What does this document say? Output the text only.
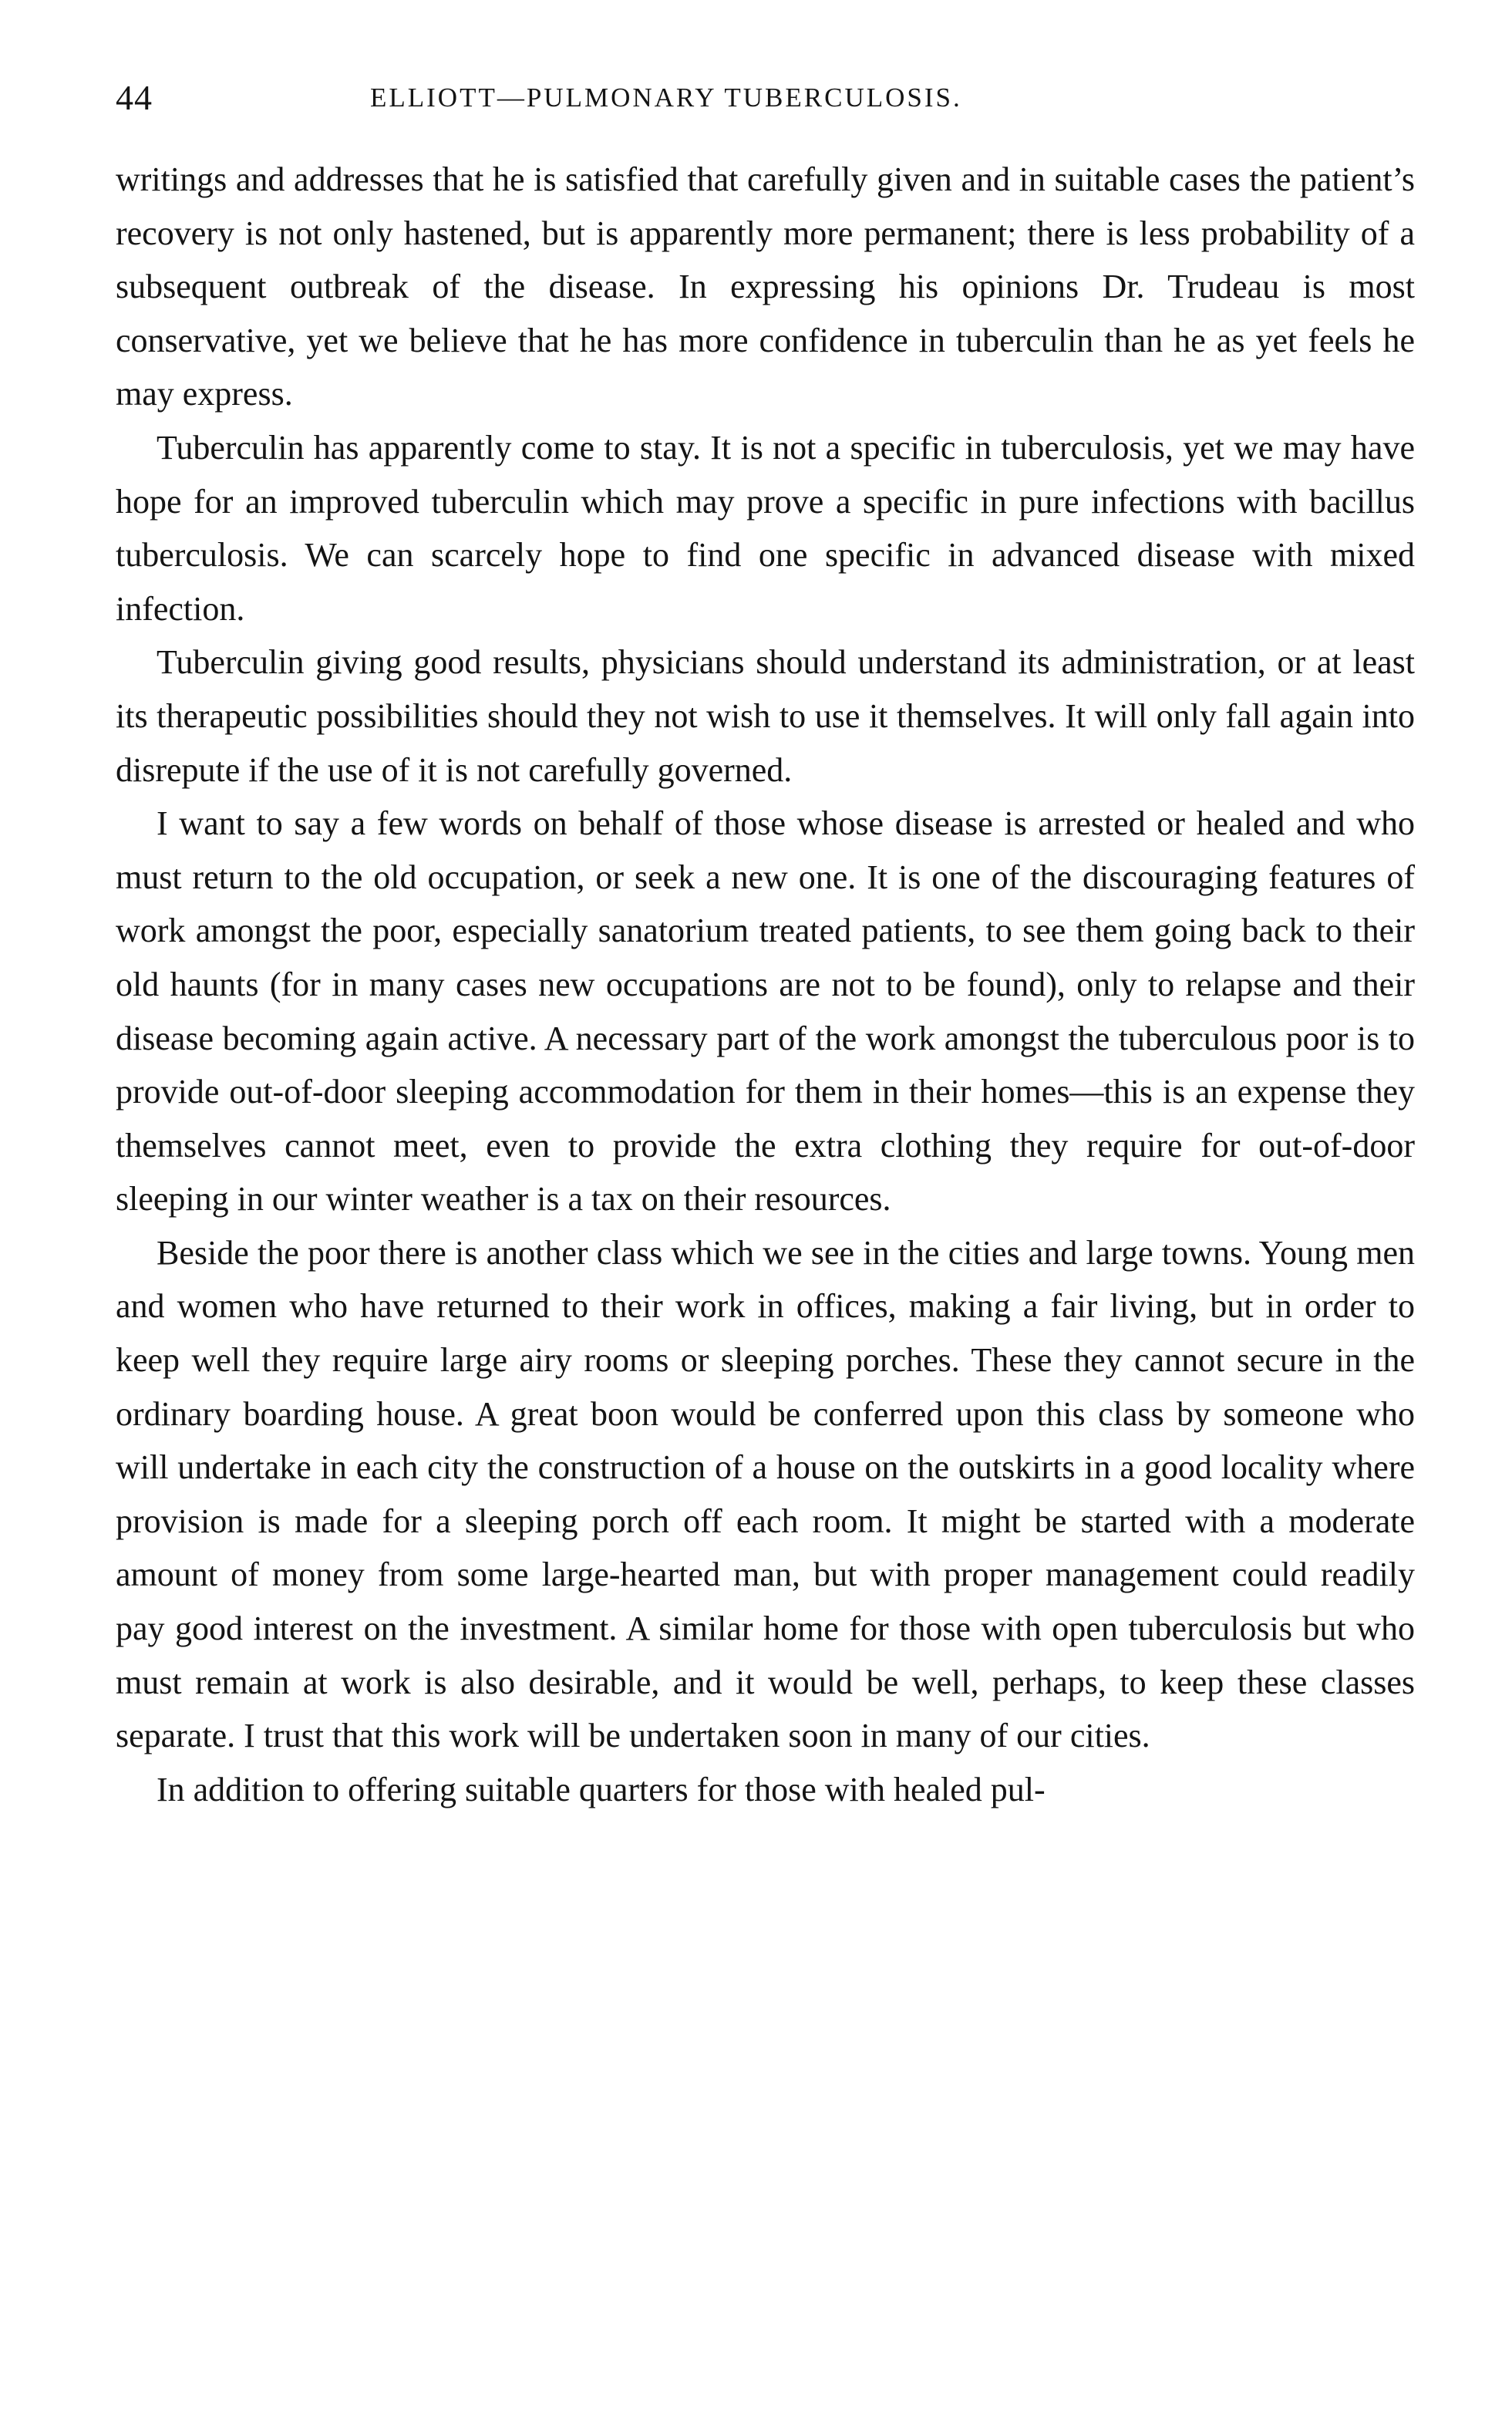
44	ELLIOTT—PULMONARY TUBERCULOSIS.

writings and addresses that he is satisfied that carefully given and in suitable cases the patient’s recovery is not only hastened, but is apparently more permanent; there is less probability of a subsequent outbreak of the disease. In expressing his opinions Dr. Trudeau is most conservative, yet we believe that he has more confidence in tuberculin than he as yet feels he may express.

Tuberculin has apparently come to stay. It is not a specific in tuberculosis, yet we may have hope for an improved tuberculin which may prove a specific in pure infections with bacillus tuberculosis. We can scarcely hope to find one specific in advanced disease with mixed infection.

Tuberculin giving good results, physicians should understand its administration, or at least its therapeutic possibilities should they not wish to use it themselves. It will only fall again into disrepute if the use of it is not carefully governed.

I want to say a few words on behalf of those whose disease is arrested or healed and who must return to the old occupation, or seek a new one. It is one of the discouraging features of work amongst the poor, especially sanatorium treated patients, to see them going back to their old haunts (for in many cases new occupations are not to be found), only to relapse and their disease becoming again active. A necessary part of the work amongst the tuberculous poor is to provide out-of-door sleeping accommodation for them in their homes—this is an expense they themselves cannot meet, even to provide the extra clothing they require for out-of-door sleeping in our winter weather is a tax on their resources.

Beside the poor there is another class which we see in the cities and large towns. Young men and women who have returned to their work in offices, making a fair living, but in order to keep well they require large airy rooms or sleeping porches. These they cannot secure in the ordinary boarding house. A great boon would be conferred upon this class by someone who will undertake in each city the construction of a house on the outskirts in a good locality where provision is made for a sleeping porch off each room. It might be started with a moderate amount of money from some large-hearted man, but with proper management could readily pay good interest on the investment. A similar home for those with open tuberculosis but who must remain at work is also desirable, and it would be well, perhaps, to keep these classes separate. I trust that this work will be undertaken soon in many of our cities.

In addition to offering suitable quarters for those with healed pul-
